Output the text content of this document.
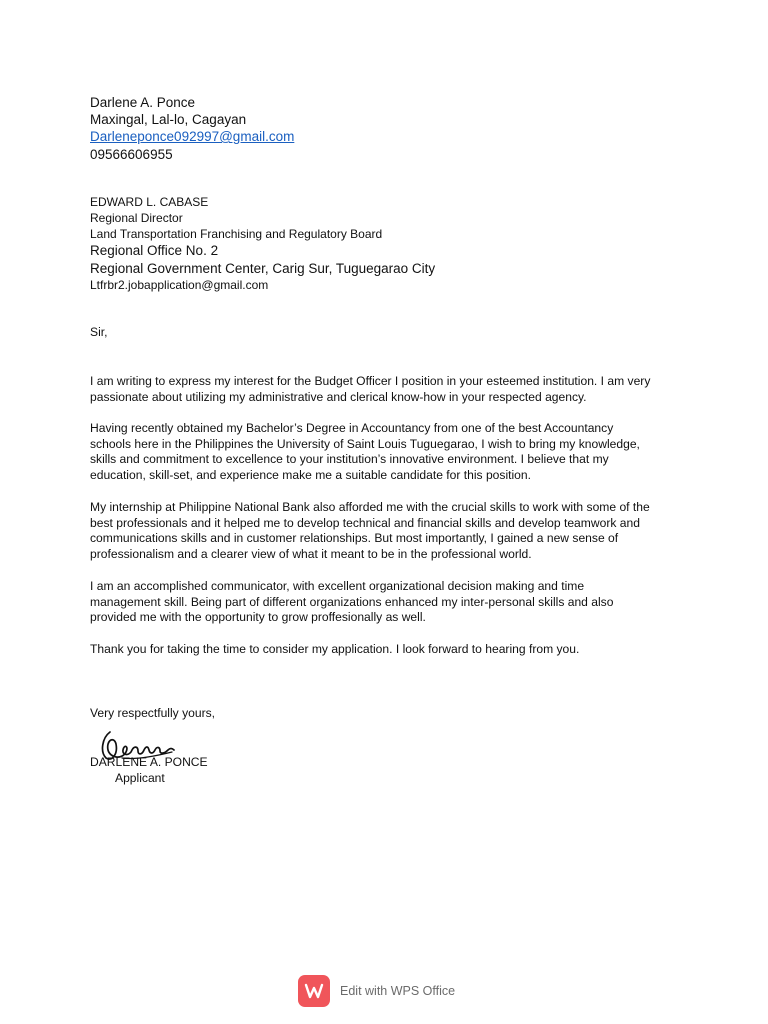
Darlene A. Ponce
Maxingal, Lal-lo, Cagayan
Darleneponce092997@gmail.com
09566606955
EDWARD L. CABASE
Regional Director
Land Transportation Franchising and Regulatory Board
Regional Office No. 2
Regional Government Center, Carig Sur, Tuguegarao City
Ltfrbr2.jobapplication@gmail.com
Sir,

I am writing to express my interest for the Budget Officer I position in your esteemed institution. I am very
passionate about utilizing my administrative and clerical know-how in your respected agency.

Having recently obtained my Bachelor’s Degree in Accountancy from one of the best Accountancy
schools here in the Philippines the University of Saint Louis Tuguegarao, I wish to bring my knowledge,
skills and commitment to excellence to your institution’s innovative environment. I believe that my
education, skill-set, and experience make me a suitable candidate for this position.

My internship at Philippine National Bank also afforded me with the crucial skills to work with some of the
best professionals and it helped me to develop technical and financial skills and develop teamwork and
communications skills and in customer relationships. But most importantly, I gained a new sense of
professionalism and a clearer view of what it meant to be in the professional world.

I am an accomplished communicator, with excellent organizational decision making and time
management skill. Being part of different organizations enhanced my inter-personal skills and also
provided me with the opportunity to grow proffesionally as well.

Thank you for taking the time to consider my application. I look forward to hearing from you.

Very respectfully yours,
DARLENE A. PONCE
Applicant
Edit with WPS Office
